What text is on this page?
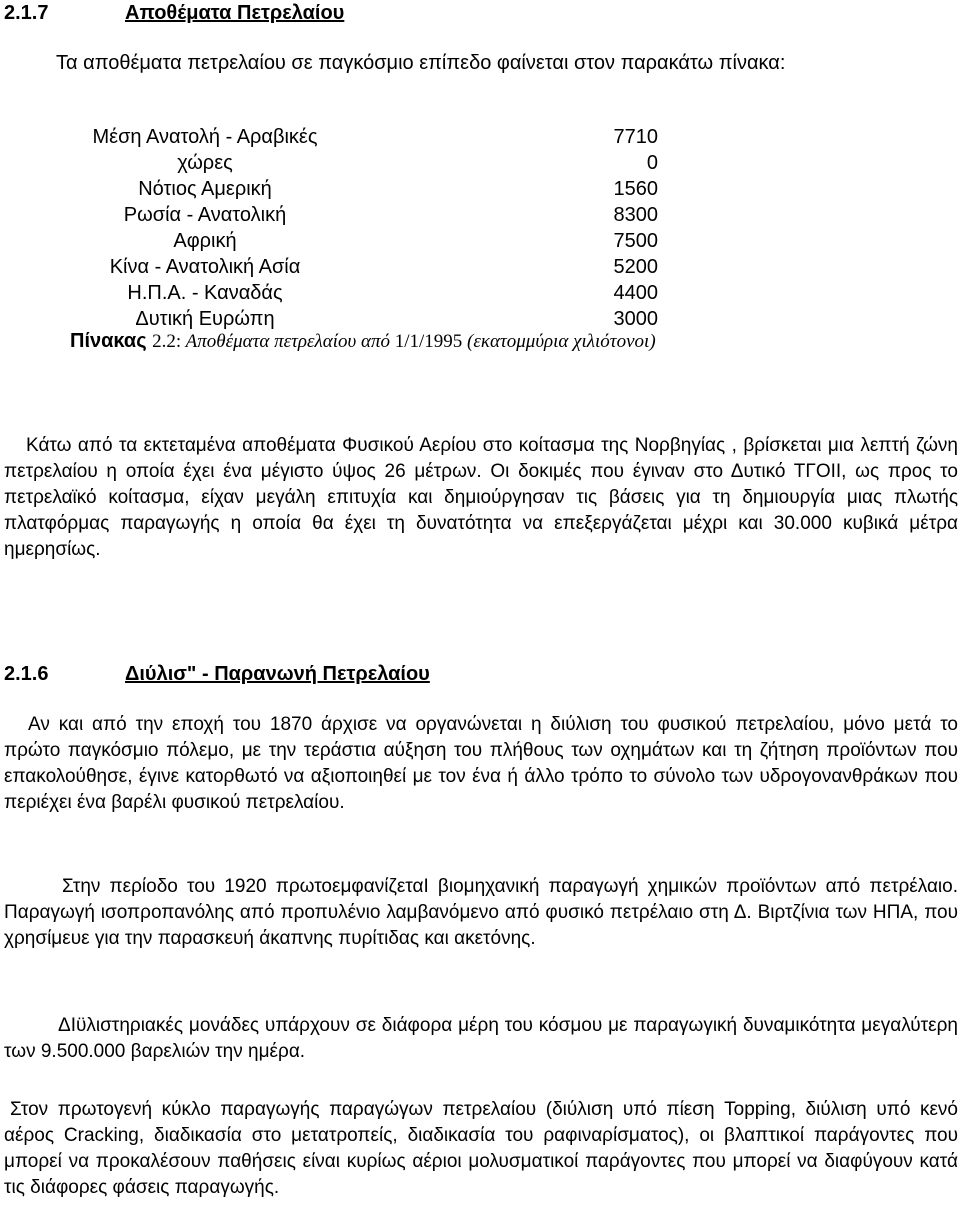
2.1.7	Αποθέματα Πετρελαίου
Τα αποθέματα πετρελαίου σε παγκόσμιο επίπεδο φαίνεται στον παρακάτω πίνακα:
Μέση Ανατολή - Αραβικές	7710
χώρες	0
Νότιος Αμερική	1560
Ρωσία - Ανατολική	8300
Αφρική	7500
Κίνα - Ανατολική Ασία	5200
Η.Π.Α. - Καναδάς	4400
Δυτική Ευρώπη	3000
Πίνακας 2.2: Αποθέματα πετρελαίου από 1/1/1995 (εκατομμύρια χιλιότονοι)
Κάτω από τα εκτεταμένα αποθέματα Φυσικού Αερίου στο κοίτασμα της Νορβηγίας , βρίσκεται μια λεπτή ζώνη πετρελαίου η οποία έχει ένα μέγιστο ύψος 26 μέτρων. Οι δοκιμές που έγιναν στο Δυτικό ΤΓΟΙΙ, ως προς το πετρελαϊκό κοίτασμα, είχαν μεγάλη επιτυχία και δημιούργησαν τις βάσεις για τη δημιουργία μιας πλωτής πλατφόρμας παραγωγής η οποία θα έχει τη δυνατότητα να επεξεργάζεται μέχρι και 30.000 κυβικά μέτρα ημερησίως.
2.1.6	Διύλισ" - Παρανωνή Πετρελαίου
Αν και από την εποχή του 1870 άρχισε να οργανώνεται η διύλιση του φυσικού πετρελαίου, μόνο μετά το πρώτο παγκόσμιο πόλεμο, με την τεράστια αύξηση του πλήθους των οχημάτων και τη ζήτηση προϊόντων που επακολούθησε, έγινε κατορθωτό να αξιοποιηθεί με τον ένα ή άλλο τρόπο το σύνολο των υδρογονανθράκων που περιέχει ένα βαρέλι φυσικού πετρελαίου.
Στην περίοδο του 1920 πρωτοεμφανίζεταΙ βιομηχανική παραγωγή χημικών προϊόντων από πετρέλαιο. Παραγωγή ισοπροπανόλης από προπυλένιο λαμβανόμενο από φυσικό πετρέλαιο στη Δ. Βιρτζίνια των ΗΠΑ, που χρησίμευε για την παρασκευή άκαπνης πυρίτιδας και ακετόνης.
ΔΙϋλιστηριακές μονάδες υπάρχουν σε διάφορα μέρη του κόσμου με παραγωγική δυναμικότητα μεγαλύτερη των 9.500.000 βαρελιών την ημέρα.
Στον πρωτογενή κύκλο παραγωγής παραγώγων πετρελαίου (διύλιση υπό πίεση Topping, διύλιση υπό κενό αέρος Cracking, διαδικασία στο μετατροπείς, διαδικασία του ραφιναρίσματος), οι βλαπτικοί παράγοντες που μπορεί να προκαλέσουν παθήσεις είναι κυρίως αέριοι μολυσματικοί παράγοντες που μπορεί να διαφύγουν κατά τις διάφορες φάσεις παραγωγής.
